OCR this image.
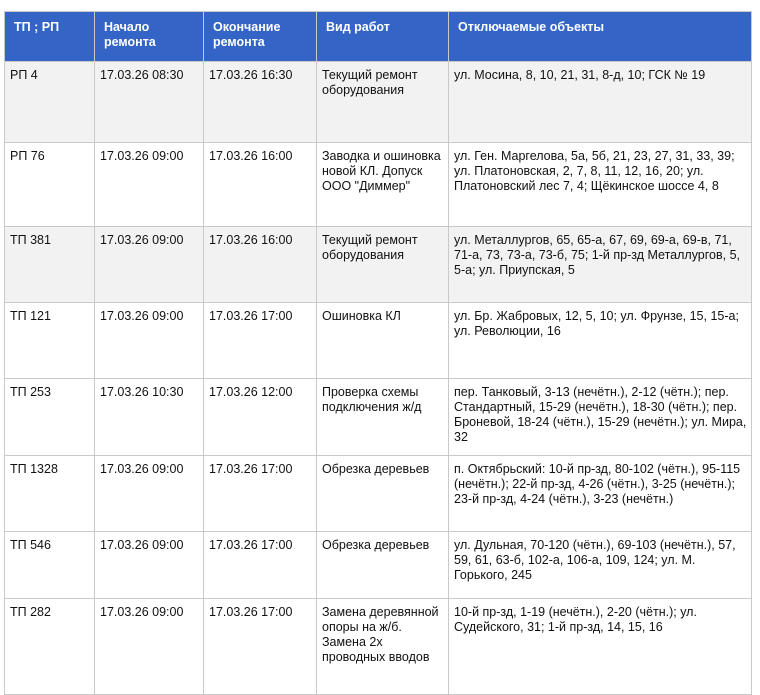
ТП ; РП	Начало ремонта	Окончание ремонта	Вид работ	Отключаемые объекты
РП 4	17.03.26 08:30	17.03.26 16:30	Текущий ремонт оборудования	ул. Мосина, 8, 10, 21, 31, 8-д, 10; ГСК № 19
РП 76	17.03.26 09:00	17.03.26 16:00	Заводка и ошиновка новой КЛ. Допуск ООО "Диммер"	ул. Ген. Маргелова, 5а, 5б, 21, 23, 27, 31, 33, 39; ул. Платоновская, 2, 7, 8, 11, 12, 16, 20; ул. Платоновский лес 7, 4; Щёкинское шоссе 4, 8
ТП 381	17.03.26 09:00	17.03.26 16:00	Текущий ремонт оборудования	ул. Металлургов, 65, 65-а, 67, 69, 69-а, 69-в, 71, 71-а, 73, 73-а, 73-б, 75; 1-й пр-зд Металлургов, 5, 5-а; ул. Приупская, 5
ТП 121	17.03.26 09:00	17.03.26 17:00	Ошиновка КЛ	ул. Бр. Жабровых, 12, 5, 10; ул. Фрунзе, 15, 15-а; ул. Революции, 16
ТП 253	17.03.26 10:30	17.03.26 12:00	Проверка схемы подключения ж/д	пер. Танковый, 3-13 (нечётн.), 2-12 (чётн.); пер. Стандартный, 15-29 (нечётн.), 18-30 (чётн.); пер. Броневой, 18-24 (чётн.), 15-29 (нечётн.); ул. Мира, 32
ТП 1328	17.03.26 09:00	17.03.26 17:00	Обрезка деревьев	п. Октябрьский: 10-й пр-зд, 80-102 (чётн.), 95-115 (нечётн.); 22-й пр-зд, 4-26 (чётн.), 3-25 (нечётн.); 23-й пр-зд, 4-24 (чётн.), 3-23 (нечётн.)
ТП 546	17.03.26 09:00	17.03.26 17:00	Обрезка деревьев	ул. Дульная, 70-120 (чётн.), 69-103 (нечётн.), 57, 59, 61, 63-б, 102-а, 106-а, 109, 124; ул. М. Горького, 245
ТП 282	17.03.26 09:00	17.03.26 17:00	Замена деревянной опоры на ж/б. Замена 2х проводных вводов	10-й пр-зд, 1-19 (нечётн.), 2-20 (чётн.); ул. Судейского, 31; 1-й пр-зд, 14, 15, 16
